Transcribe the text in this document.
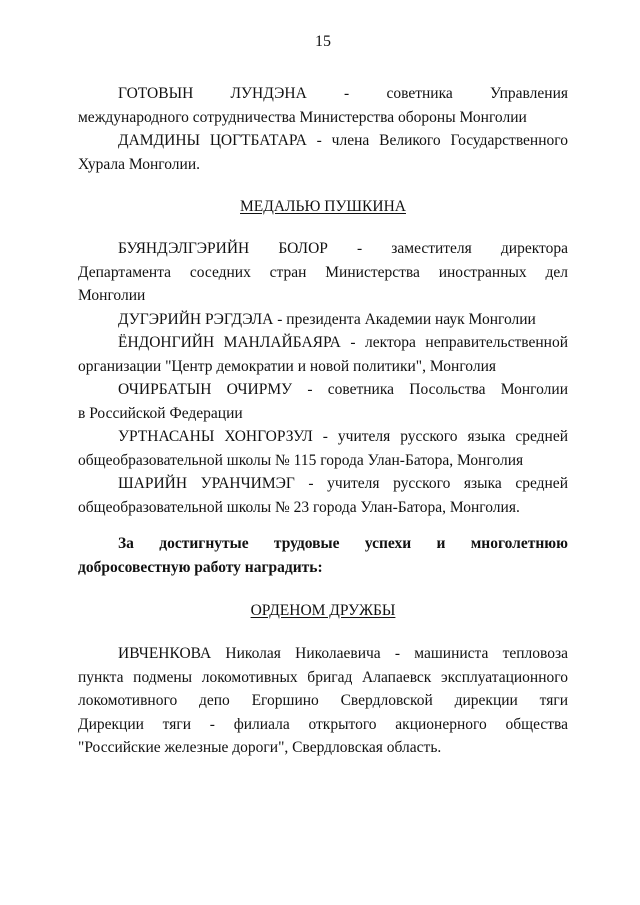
15

ГОТОВЫН ЛУНДЭНА - советника Управления

международного сотрудничества Министерства обороны Монголии

ДАМДИНЫ ЦОГТБАТАРА - члена Великого Государственного

Хурала Монголии.
МЕДАЛЬЮ ПУШКИНА

БУЯНДЭЛГЭРИЙН БОЛОР - заместителя директора

Департамента соседних стран Министерства иностранных дел
Монголии

ДУГЭРИЙН РЭГДЭЛА - президента Академии наук Монголии

ЁНДОНГИЙН МАНЛАЙБАЯРА - лектора неправительственной

организации "Центр демократии и новой политики", Монголия

ОЧИРБАТЫН ОЧИРМУ - советника Посольства Монголии

в Российской Федерации

УРТНАСАНЫ ХОНГОРЗУЛ - учителя русского языка средней

общеобразовательной школы № 115 города Улан-Батора, Монголия

ШАРИЙН УРАНЧИМЭГ - учителя русского языка средней

общеобразовательной школы № 23 города Улан-Батора, Монголия.

За достигнутые трудовые успехи и многолетнюю

добросовестную работу наградить:
ОРДЕНОМ ДРУЖБЫ

ИВЧЕНКОВА Николая Николаевича - машиниста тепловоза

пункта подмены локомотивных бригад Алапаевск эксплуатационного
локомотивного депо Егоршино Свердловской дирекции тяги
Дирекции тяги - филиала открытого акционерного общества
"Российские железные дороги", Свердловская область.
